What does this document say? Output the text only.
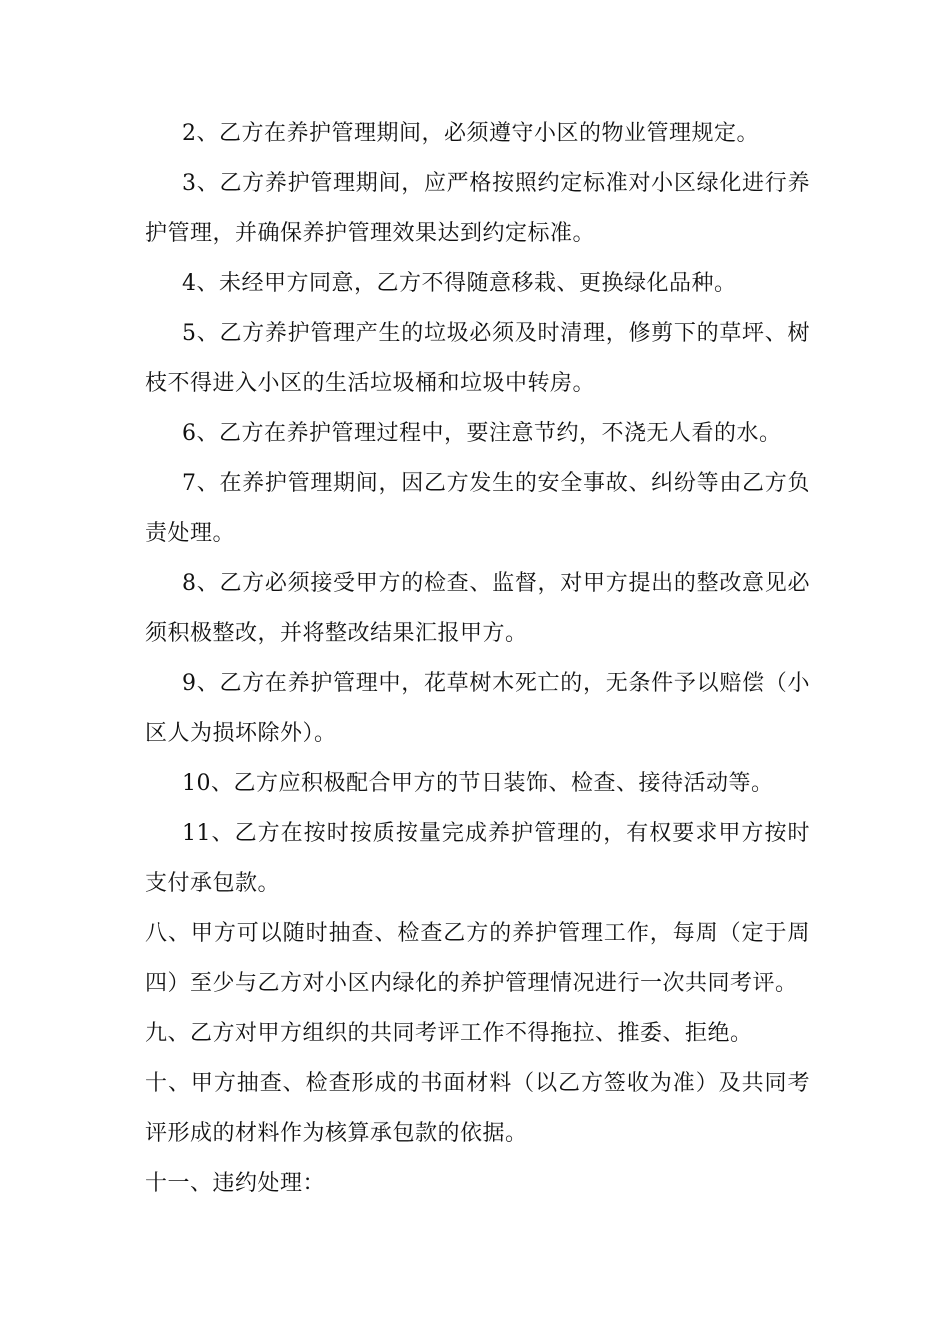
2、乙方在养护管理期间，必须遵守小区的物业管理规定。

3、乙方养护管理期间，应严格按照约定标准对小区绿化进行养护管理，并确保养护管理效果达到约定标准。

4、未经甲方同意，乙方不得随意移栽、更换绿化品种。

5、乙方养护管理产生的垃圾必须及时清理，修剪下的草坪、树枝不得进入小区的生活垃圾桶和垃圾中转房。

6、乙方在养护管理过程中，要注意节约，不浇无人看的水。

7、在养护管理期间，因乙方发生的安全事故、纠纷等由乙方负责处理。

8、乙方必须接受甲方的检查、监督，对甲方提出的整改意见必须积极整改，并将整改结果汇报甲方。

9、乙方在养护管理中，花草树木死亡的，无条件予以赔偿（小区人为损坏除外）。

10、乙方应积极配合甲方的节日装饰、检查、接待活动等。

11、乙方在按时按质按量完成养护管理的，有权要求甲方按时支付承包款。

八、甲方可以随时抽查、检查乙方的养护管理工作，每周（定于周四）至少与乙方对小区内绿化的养护管理情况进行一次共同考评。

九、乙方对甲方组织的共同考评工作不得拖拉、推委、拒绝。

十、甲方抽查、检查形成的书面材料（以乙方签收为准）及共同考评形成的材料作为核算承包款的依据。

十一、违约处理：
